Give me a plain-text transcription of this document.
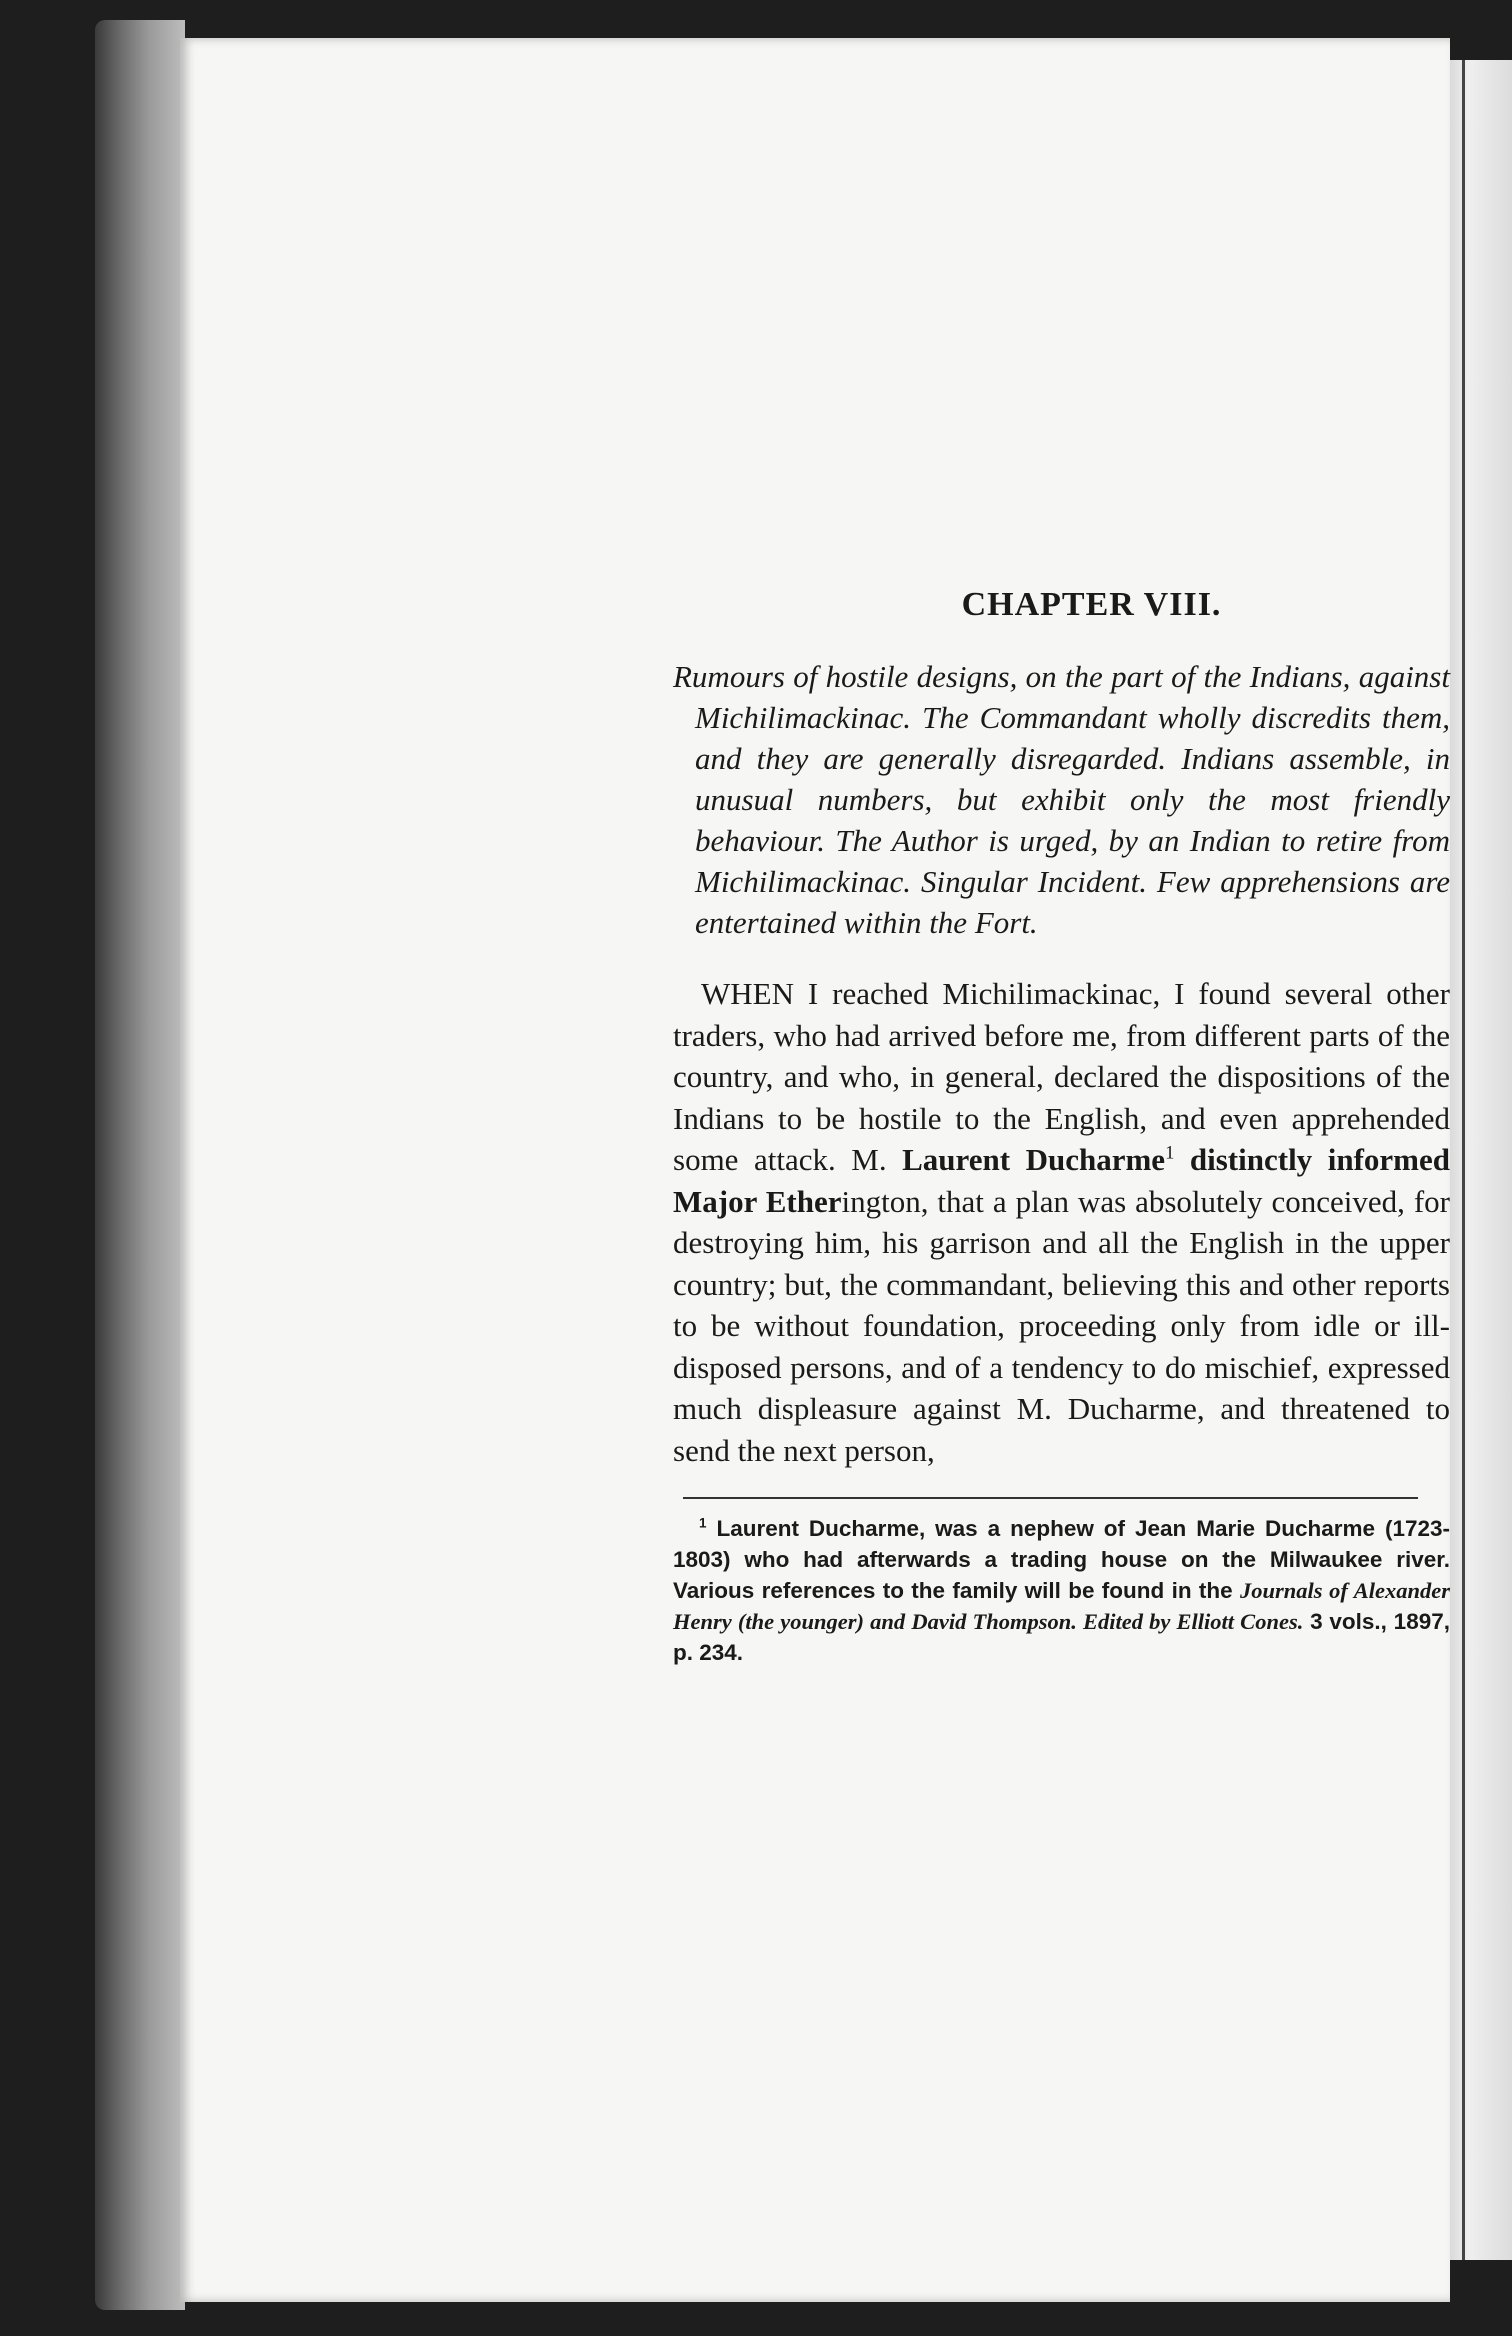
CHAPTER VIII.

Rumours of hostile designs, on the part of the Indians, against Michilimackinac. The Commandant wholly discredits them, and they are generally disregarded. Indians assemble, in unusual numbers, but exhibit only the most friendly behaviour. The Author is urged, by an Indian to retire from Michilimackinac. Singular Incident. Few apprehensions are entertained within the Fort.

WHEN I reached Michilimackinac, I found several other traders, who had arrived before me, from different parts of the country, and who, in general, declared the dispositions of the Indians to be hostile to the English, and even apprehended some attack. M. Laurent Ducharme$^1$ distinctly informed Major Etherington, that a plan was absolutely conceived, for destroying him, his garrison and all the English in the upper country; but, the commandant, believing this and other reports to be without foundation, proceeding only from idle or ill-disposed persons, and of a tendency to do mischief, expressed much displeasure against M. Ducharme, and threatened to send the next person,

$^1$ Laurent Ducharme, was a nephew of Jean Marie Ducharme (1723-1803) who had afterwards a trading house on the Milwaukee river. Various references to the family will be found in the Journals of Alexander Henry (the younger) and David Thompson. Edited by Elliott Cones. 3 vols., 1897, p. 234.
